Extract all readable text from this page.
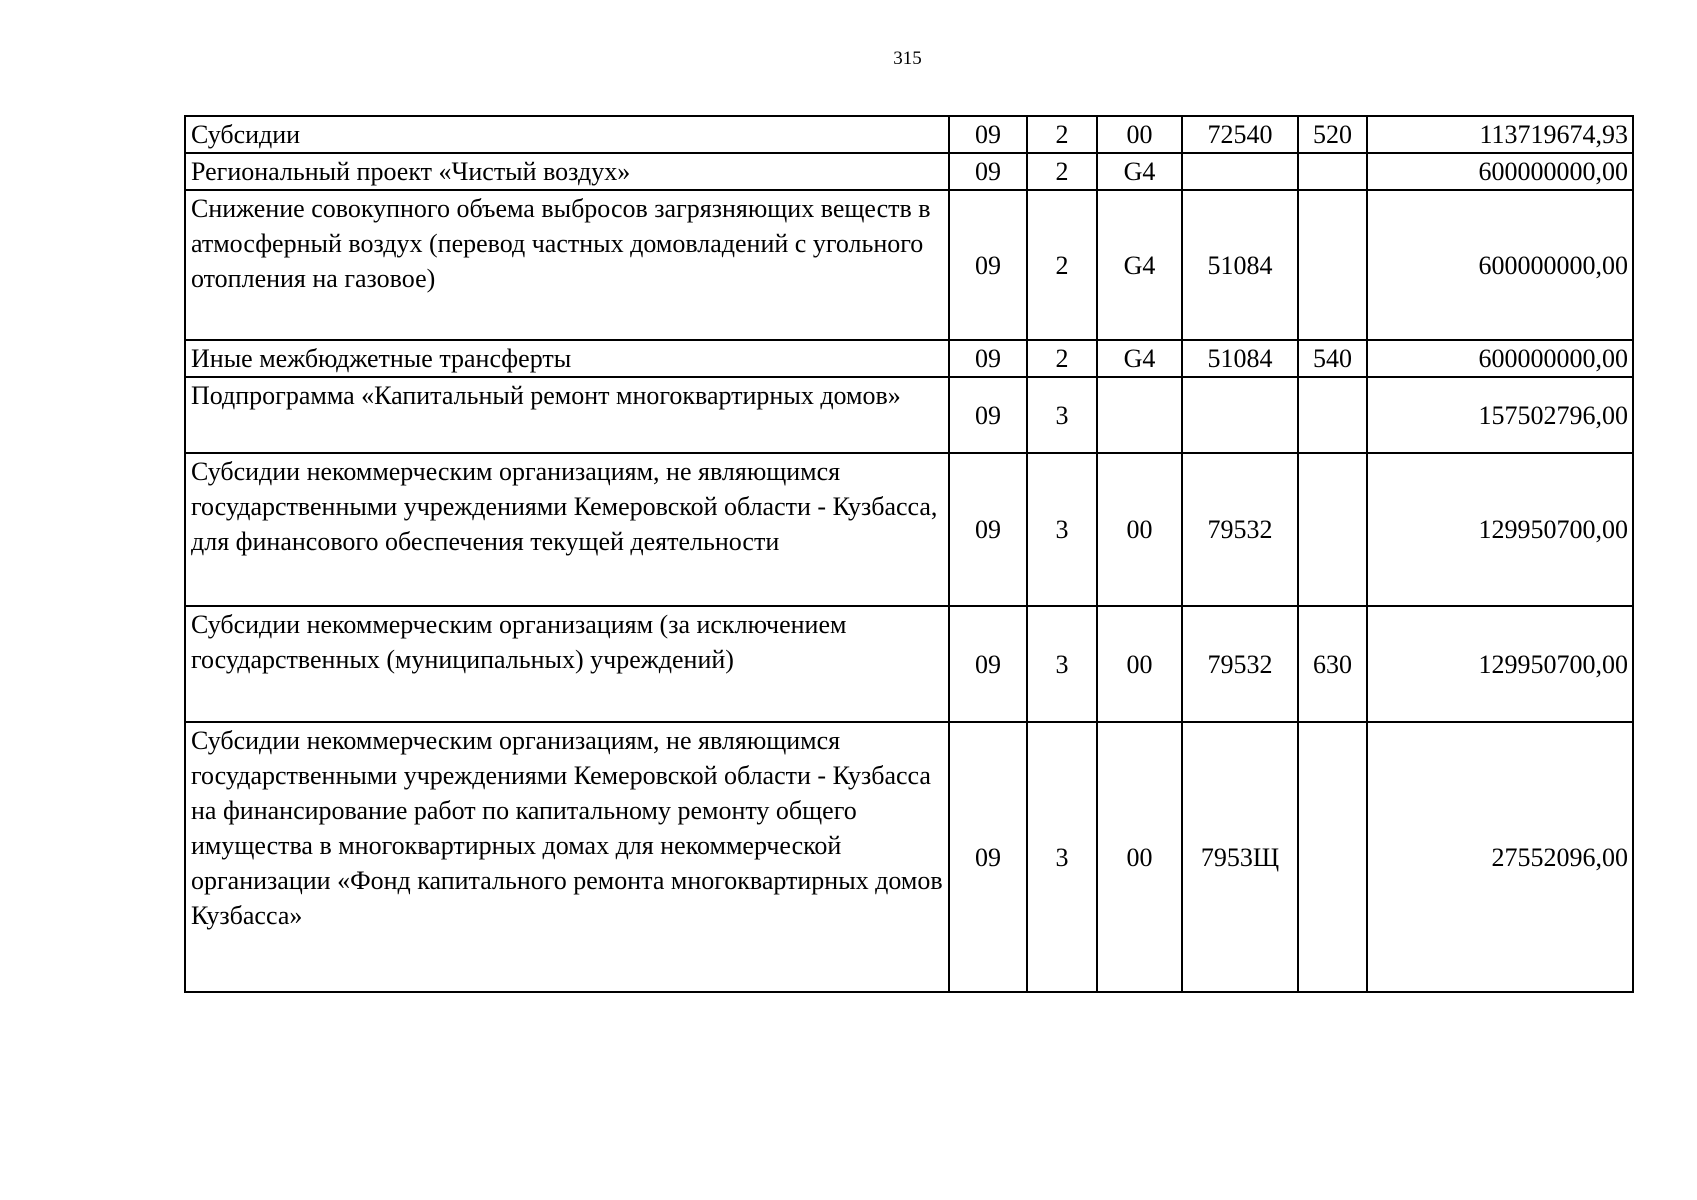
315
Субсидии	09	2	00	72540	520	113719674,93
Региональный проект «Чистый воздух»	09	2	G4			600000000,00
Снижение совокупного объема выбросов загрязняющих веществ в атмосферный воздух (перевод частных домовладений с угольного отопления на газовое)	09	2	G4	51084		600000000,00
Иные межбюджетные трансферты	09	2	G4	51084	540	600000000,00
Подпрограмма «Капитальный ремонт многоквартирных домов»	09	3				157502796,00
Субсидии некоммерческим организациям, не являющимся государственными учреждениями Кемеровской области - Кузбасса, для финансового обеспечения текущей деятельности	09	3	00	79532		129950700,00
Субсидии некоммерческим организациям (за исключением государственных (муниципальных) учреждений)	09	3	00	79532	630	129950700,00
Субсидии некоммерческим организациям, не являющимся государственными учреждениями Кемеровской области - Кузбасса на финансирование работ по капитальному ремонту общего имущества в многоквартирных домах для некоммерческой организации «Фонд капитального ремонта многоквартирных домов Кузбасса»	09	3	00	7953Щ		27552096,00
